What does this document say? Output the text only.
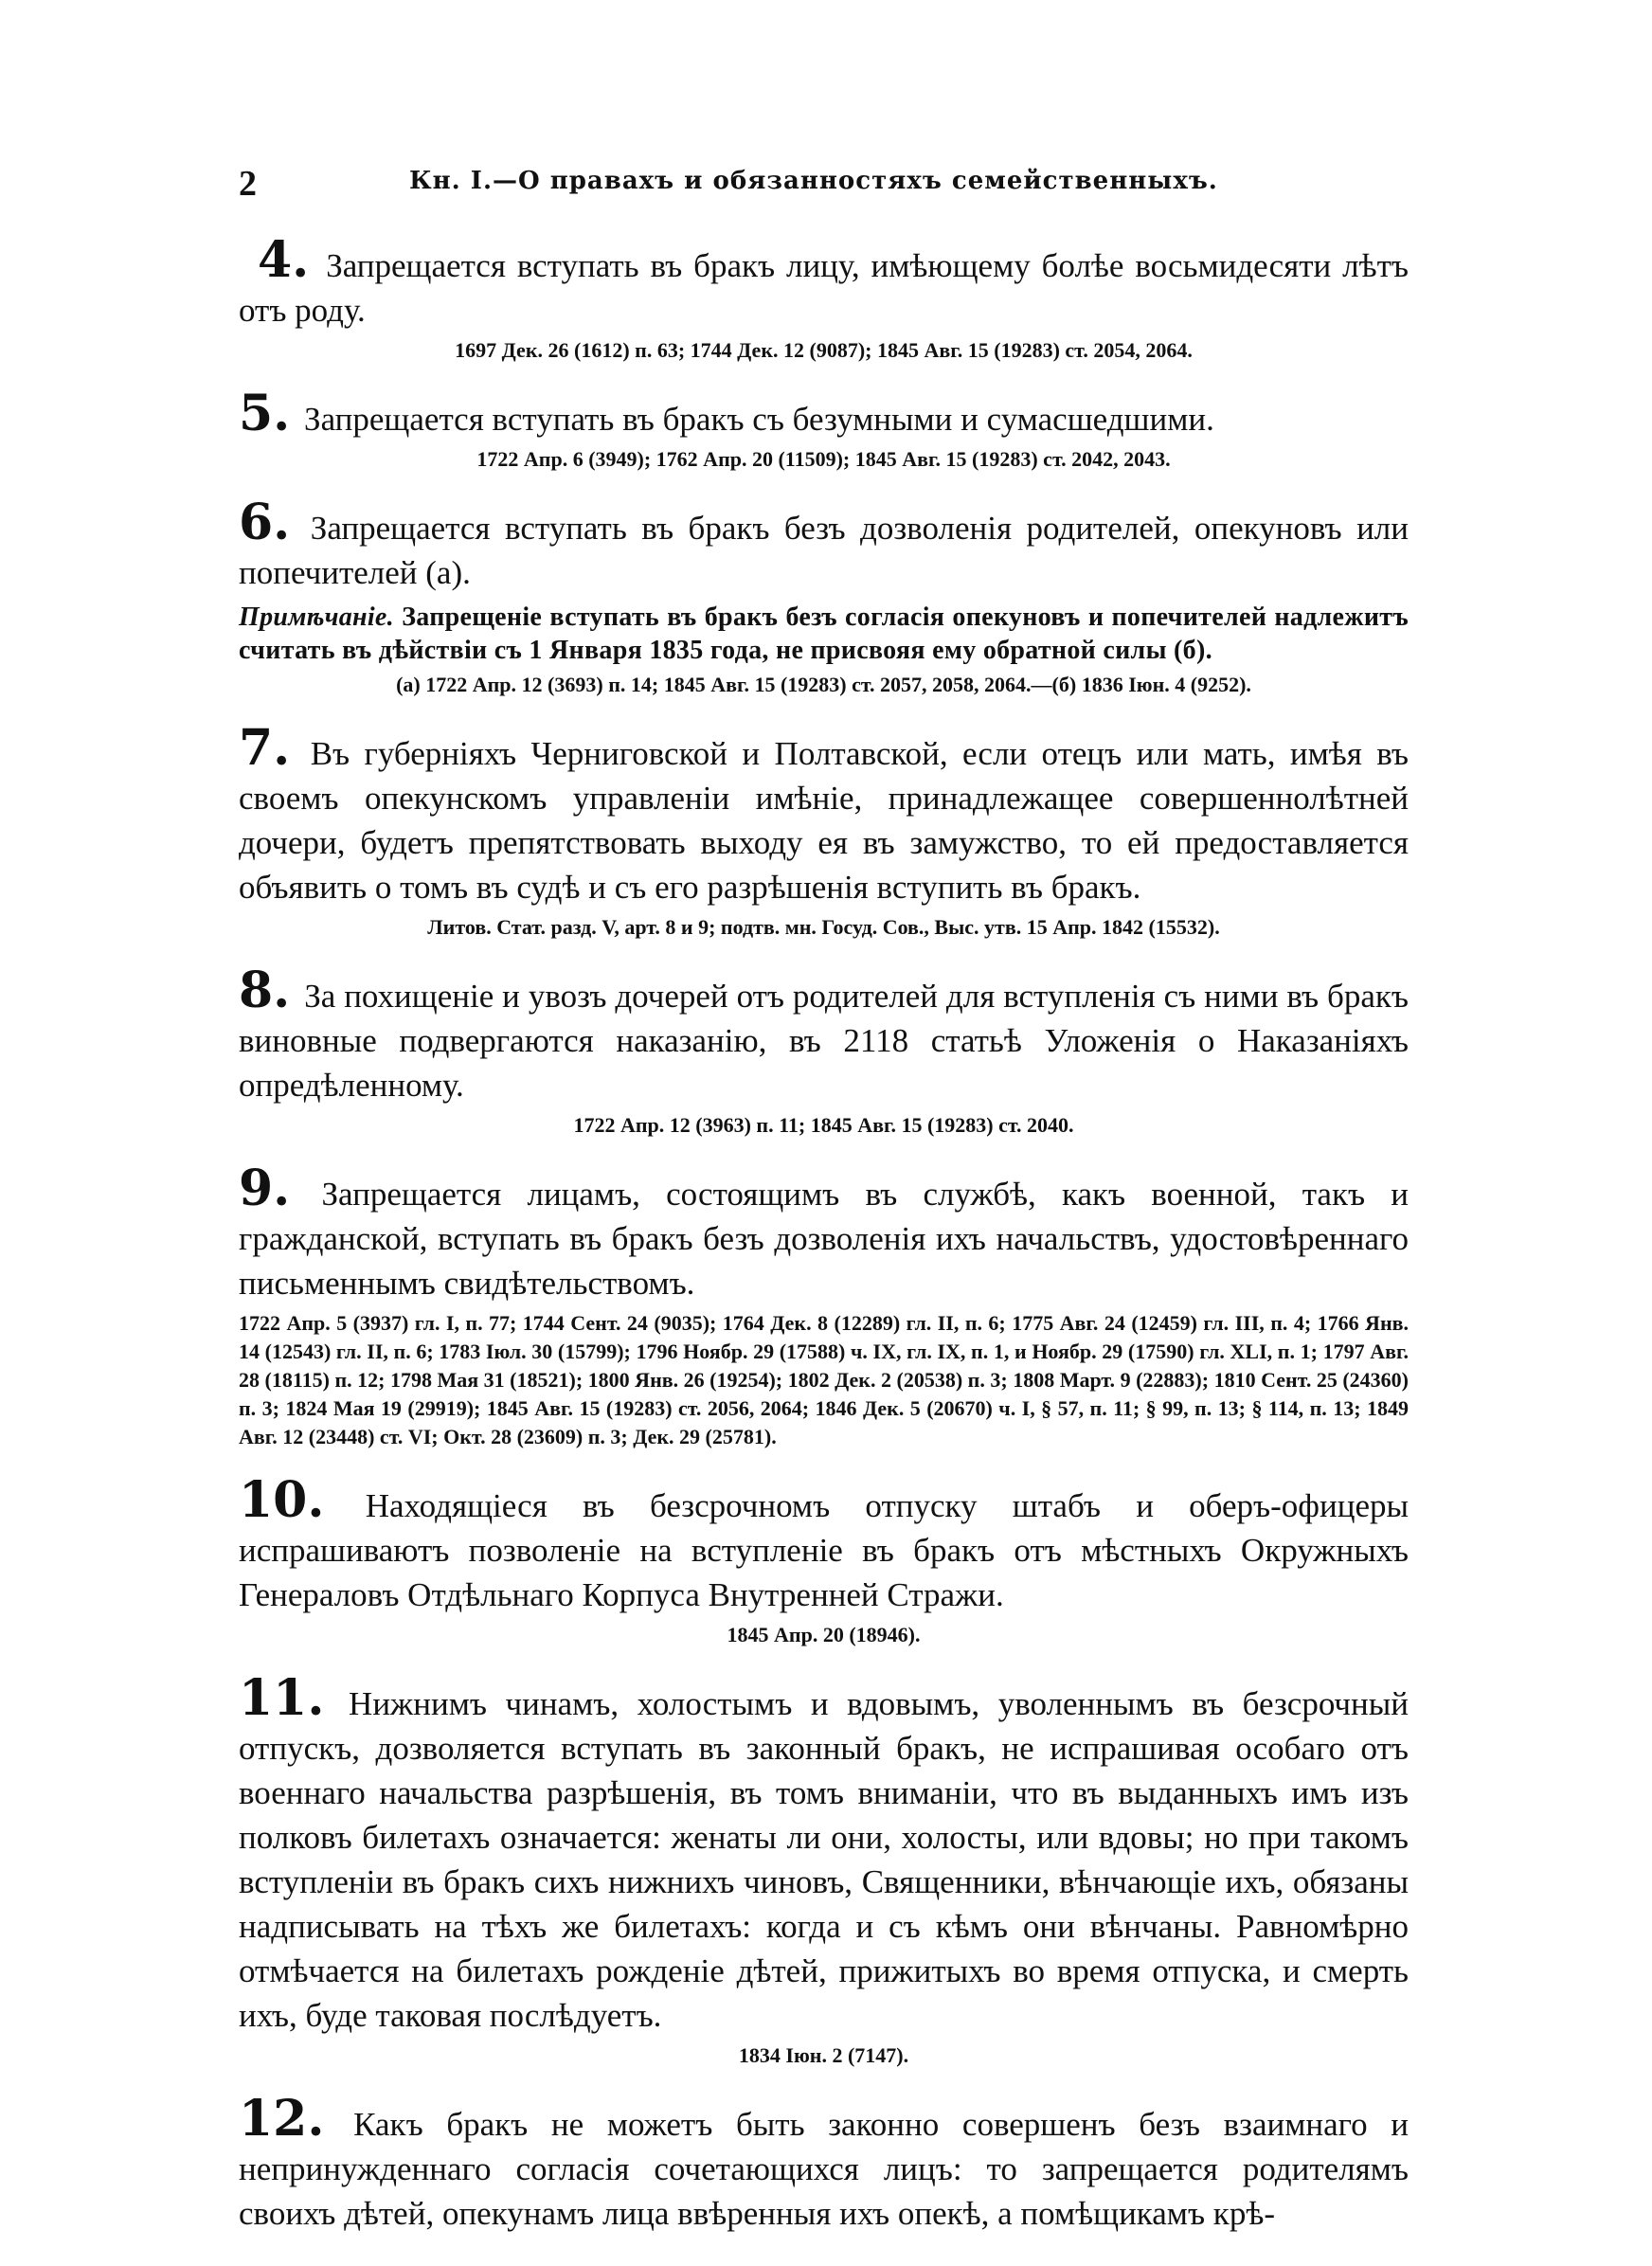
2	Кн. I.—О правахъ и обязанностяхъ семейственныхъ.

4. Запрещается вступать въ бракъ лицу, имѣющему болѣе восьмидесяти лѣтъ отъ роду.

1697 Дек. 26 (1612) п. 63; 1744 Дек. 12 (9087); 1845 Авг. 15 (19283) ст. 2054, 2064.

5. Запрещается вступать въ бракъ съ безумными и сумасшедшими.

1722 Апр. 6 (3949); 1762 Апр. 20 (11509); 1845 Авг. 15 (19283) ст. 2042, 2043.

6. Запрещается вступать въ бракъ безъ дозволенія родителей, опекуновъ или попечителей (а).

Примѣчаніе. Запрещеніе вступать въ бракъ безъ согласія опекуновъ и попечителей надлежитъ считать въ дѣйствіи съ 1 Января 1835 года, не присвояя ему обратной силы (б).

(а) 1722 Апр. 12 (3693) п. 14; 1845 Авг. 15 (19283) ст. 2057, 2058, 2064.—(б) 1836 Іюн. 4 (9252).

7. Въ губерніяхъ Черниговской и Полтавской, если отецъ или мать, имѣя въ своемъ опекунскомъ управленіи имѣніе, принадлежащее совершеннолѣтней дочери, будетъ препятствовать выходу ея въ замужство, то ей предоставляется объявить о томъ въ судѣ и съ его разрѣшенія вступить въ бракъ.

Литов. Стат. разд. V, арт. 8 и 9; подтв. мн. Госуд. Сов., Выс. утв. 15 Апр. 1842 (15532).

8. За похищеніе и увозъ дочерей отъ родителей для вступленія съ ними въ бракъ виновные подвергаются наказанію, въ 2118 статьѣ Уложенія о Наказаніяхъ опредѣленному.

1722 Апр. 12 (3963) п. 11; 1845 Авг. 15 (19283) ст. 2040.

9. Запрещается лицамъ, состоящимъ въ службѣ, какъ военной, такъ и гражданской, вступать въ бракъ безъ дозволенія ихъ начальствъ, удостовѣреннаго письменнымъ свидѣтельствомъ.

1722 Апр. 5 (3937) гл. I, п. 77; 1744 Сент. 24 (9035); 1764 Дек. 8 (12289) гл. II, п. 6; 1775 Авг. 24 (12459) гл. III, п. 4; 1766 Янв. 14 (12543) гл. II, п. 6; 1783 Іюл. 30 (15799); 1796 Ноябр. 29 (17588) ч. IX, гл. IX, п. 1, и Ноябр. 29 (17590) гл. XLI, п. 1; 1797 Авг. 28 (18115) п. 12; 1798 Мая 31 (18521); 1800 Янв. 26 (19254); 1802 Дек. 2 (20538) п. 3; 1808 Март. 9 (22883); 1810 Сент. 25 (24360) п. 3; 1824 Мая 19 (29919); 1845 Авг. 15 (19283) ст. 2056, 2064; 1846 Дек. 5 (20670) ч. I, § 57, п. 11; § 99, п. 13; § 114, п. 13; 1849 Авг. 12 (23448) ст. VI; Окт. 28 (23609) п. 3; Дек. 29 (25781).

10. Находящіеся въ безсрочномъ отпуску штабъ и оберъ-офицеры испрашиваютъ позволеніе на вступленіе въ бракъ отъ мѣстныхъ Окружныхъ Генераловъ Отдѣльнаго Корпуса Внутренней Стражи.

1845 Апр. 20 (18946).

11. Нижнимъ чинамъ, холостымъ и вдовымъ, уволеннымъ въ безсрочный отпускъ, дозволяется вступать въ законный бракъ, не испрашивая особаго отъ военнаго начальства разрѣшенія, въ томъ вниманіи, что въ выданныхъ имъ изъ полковъ билетахъ означается: женаты ли они, холосты, или вдовы; но при такомъ вступленіи въ бракъ сихъ нижнихъ чиновъ, Священники, вѣнчающіе ихъ, обязаны надписывать на тѣхъ же билетахъ: когда и съ кѣмъ они вѣнчаны. Равномѣрно отмѣчается на билетахъ рожденіе дѣтей, прижитыхъ во время отпуска, и смерть ихъ, буде таковая послѣдуетъ.

1834 Іюн. 2 (7147).

12. Какъ бракъ не можетъ быть законно совершенъ безъ взаимнаго и непринужденнаго согласія сочетающихся лицъ: то запрещается родителямъ своихъ дѣтей, опекунамъ лица ввѣренныя ихъ опекѣ, а помѣщикамъ крѣ-
